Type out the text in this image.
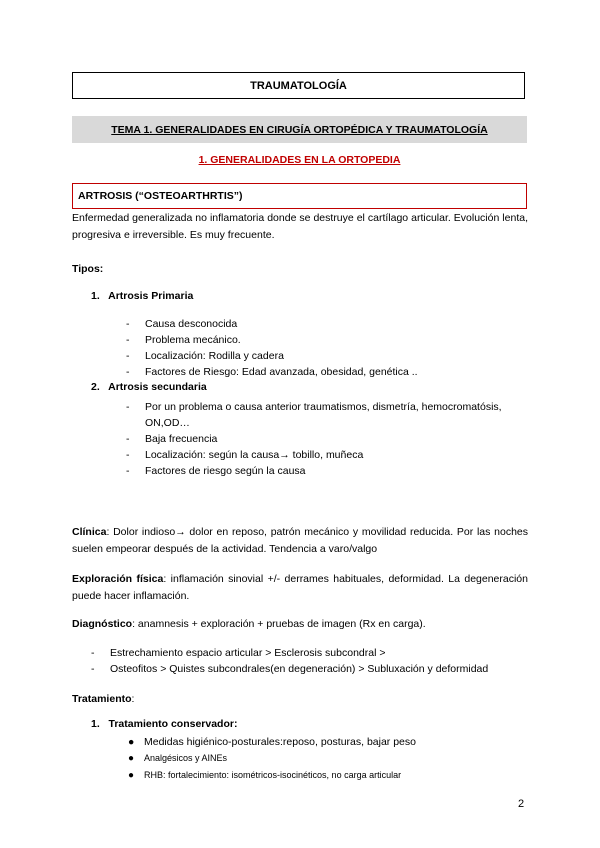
TRAUMATOLOGÍA
TEMA 1. GENERALIDADES EN CIRUGÍA ORTOPÉDICA Y TRAUMATOLOGÍA
1. GENERALIDADES EN LA ORTOPEDIA
ARTROSIS (“OSTEOARTHRTIS”)
Enfermedad generalizada no inflamatoria donde se destruye el cartílago articular. Evolución lenta, progresiva e irreversible. Es muy frecuente.
Tipos:
1.   Artrosis Primaria
- Causa desconocida
- Problema mecánico.
- Localización: Rodilla y cadera
- Factores de Riesgo: Edad avanzada, obesidad, genética ..
2.   Artrosis secundaria
- Por un problema o causa anterior traumatismos, dismetría, hemocromatósis,
ON,OD…
- Baja frecuencia
- Localización: según la causa→ tobillo, muñeca
- Factores de riesgo según la causa
Clínica: Dolor indioso→ dolor en reposo, patrón mecánico y movilidad reducida. Por las noches suelen empeorar después de la actividad. Tendencia a varo/valgo
Exploración física: inflamación sinovial +/- derrames habituales, deformidad. La degeneración puede hacer inflamación.
Diagnóstico: anamnesis + exploración + pruebas de imagen (Rx en carga).
- Estrechamiento espacio articular > Esclerosis subcondral >
- Osteofitos > Quistes subcondrales(en degeneración) > Subluxación y deformidad
Tratamiento:
1.   Tratamiento conservador:
● Medidas higiénico-posturales:reposo, posturas, bajar peso
● Analgésicos y AINEs
● RHB: fortalecimiento: isométricos-isocinéticos, no carga articular
2
